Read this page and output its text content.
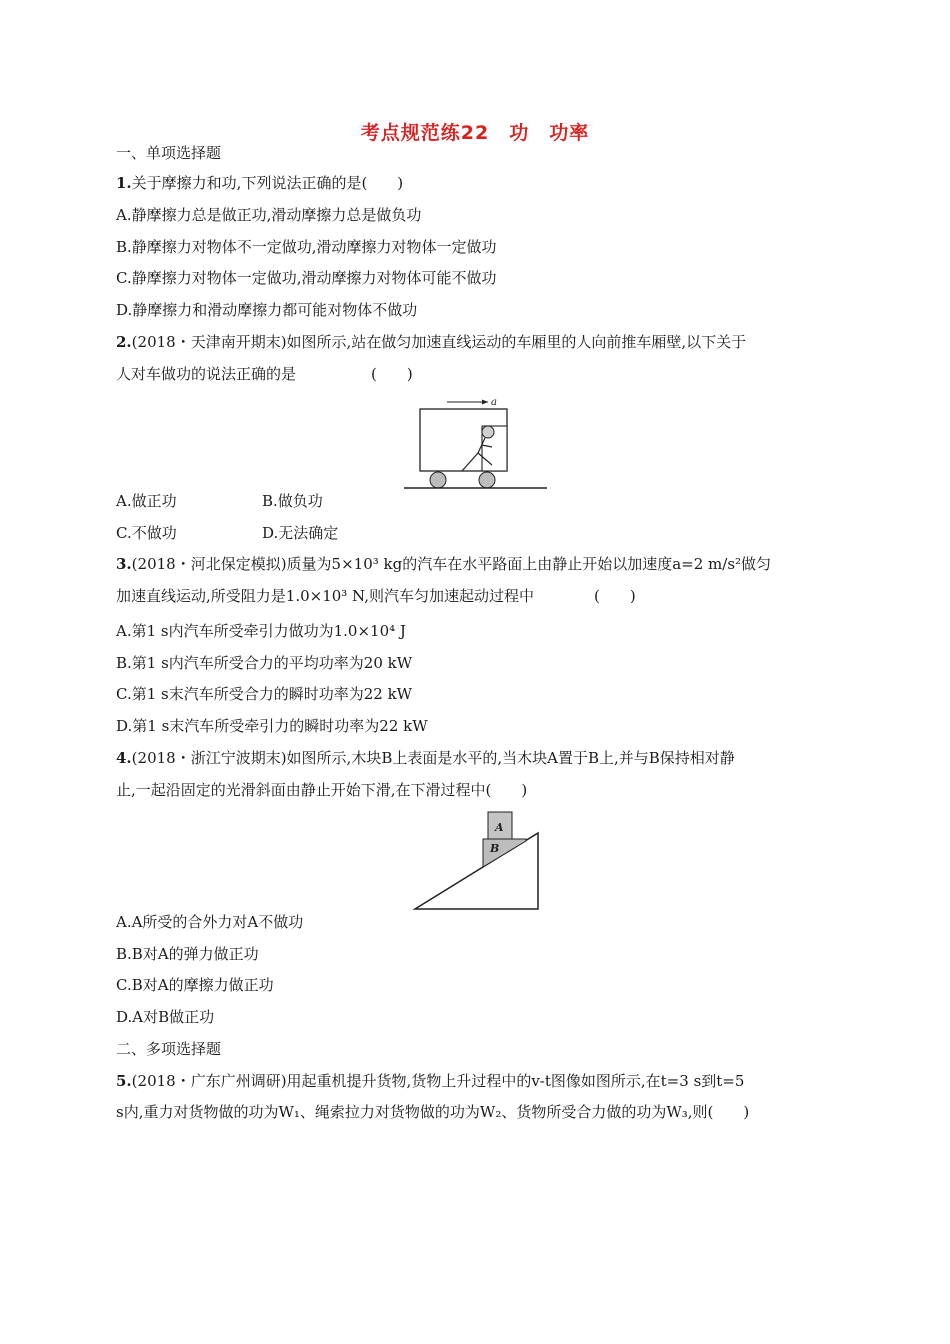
考点规范练22　功　功率
一、单项选择题
1.关于摩擦力和功,下列说法正确的是(　　)
A.静摩擦力总是做正功,滑动摩擦力总是做负功
B.静摩擦力对物体不一定做功,滑动摩擦力对物体一定做功
C.静摩擦力对物体一定做功,滑动摩擦力对物体可能不做功
D.静摩擦力和滑动摩擦力都可能对物体不做功
2.(2018・天津南开期末)如图所示,站在做匀加速直线运动的车厢里的人向前推车厢壁,以下关于
人对车做功的说法正确的是　　　　　(　　)
a
A.做正功	B.做负功
C.不做功	D.无法确定
3.(2018・河北保定模拟)质量为5×10³ kg的汽车在水平路面上由静止开始以加速度a=2 m/s²做匀
加速直线运动,所受阻力是1.0×10³ N,则汽车匀加速起动过程中　　　　(　　)
A.第1 s内汽车所受牵引力做功为1.0×10⁴ J
B.第1 s内汽车所受合力的平均功率为20 kW
C.第1 s末汽车所受合力的瞬时功率为22 kW
D.第1 s末汽车所受牵引力的瞬时功率为22 kW
4.(2018・浙江宁波期末)如图所示,木块B上表面是水平的,当木块A置于B上,并与B保持相对静
止,一起沿固定的光滑斜面由静止开始下滑,在下滑过程中(　　)
A
B
A.A所受的合外力对A不做功
B.B对A的弹力做正功
C.B对A的摩擦力做正功
D.A对B做正功
二、多项选择题
5.(2018・广东广州调研)用起重机提升货物,货物上升过程中的v-t图像如图所示,在t=3 s到t=5
s内,重力对货物做的功为W₁、绳索拉力对货物做的功为W₂、货物所受合力做的功为W₃,则(　　)
